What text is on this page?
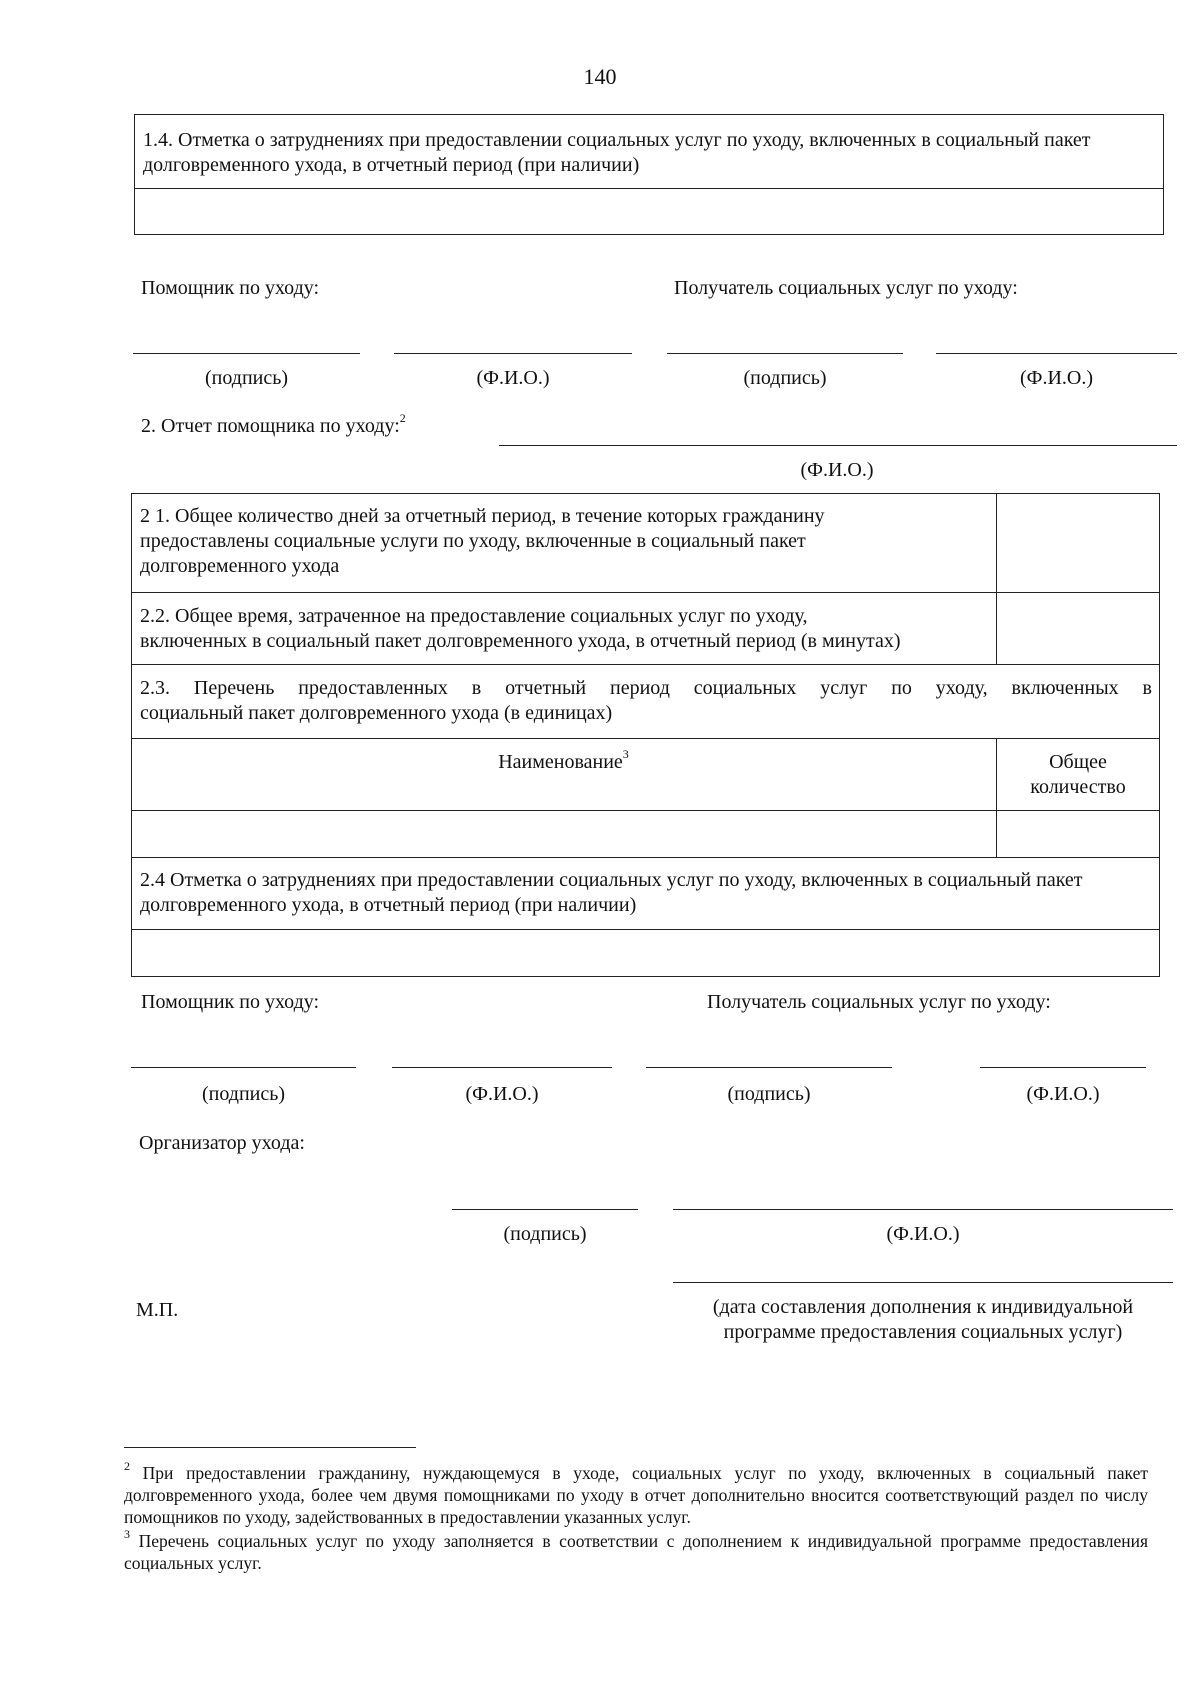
140
1.4. Отметка о затруднениях при предоставлении социальных услуг по уходу, включенных в социальный пакет долговременного ухода, в отчетный период (при наличии)
Помощник по уходу:	Получатель социальных услуг по уходу:
(подпись)	(Ф.И.О.)	(подпись)	(Ф.И.О.)
2. Отчет помощника по уходу:$^2$
(Ф.И.О.)
2 1. Общее количество дней за отчетный период, в течение которых гражданину
предоставлены социальные услуги по уходу, включенные в социальный пакет
долговременного ухода
2.2. Общее время, затраченное на предоставление социальных услуг по уходу,
включенных в социальный пакет долговременного ухода, в отчетный период (в минутах)
2.3. Перечень предоставленных в отчетный период социальных услуг по уходу, включенных в
социальный пакет долговременного ухода (в единицах)
Наименование$^3$	Общее
количество
2.4 Отметка о затруднениях при предоставлении социальных услуг по уходу, включенных в социальный пакет долговременного ухода, в отчетный период (при наличии)
Помощник по уходу:	Получатель социальных услуг по уходу:
(подпись)	(Ф.И.О.)	(подпись)	(Ф.И.О.)
Организатор ухода:
(подпись)	(Ф.И.О.)
М.П.	(дата составления дополнения к индивидуальной
программе предоставления социальных услуг)
$^2$ При предоставлении гражданину, нуждающемуся в уходе, социальных услуг по уходу, включенных в социальный пакет долговременного ухода, более чем двумя помощниками по уходу в отчет дополнительно вносится соответствующий раздел по числу помощников по уходу, задействованных в предоставлении указанных услуг.
$^3$ Перечень социальных услуг по уходу заполняется в соответствии с дополнением к индивидуальной программе предоставления социальных услуг.
